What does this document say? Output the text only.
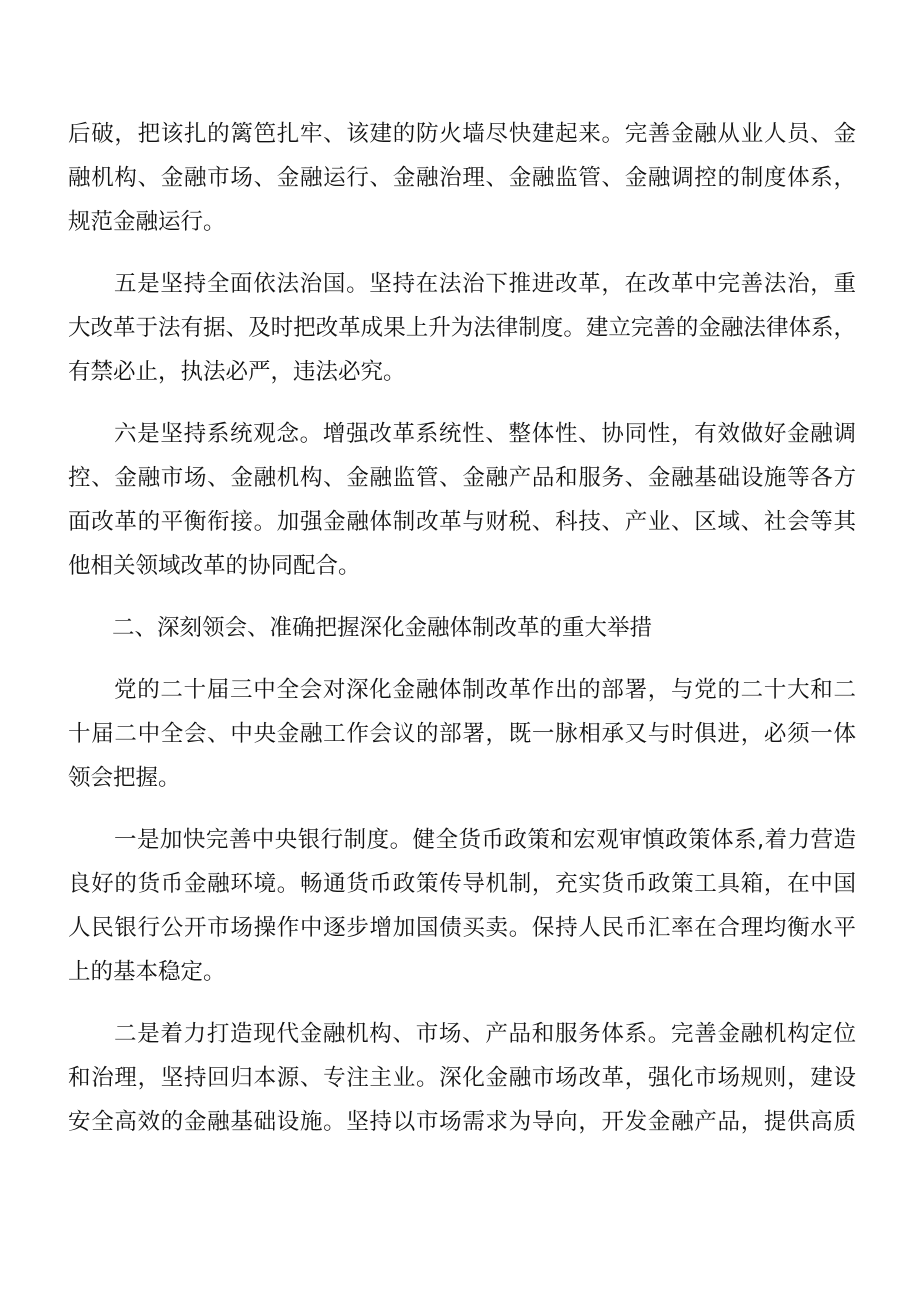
后破，把该扎的篱笆扎牢、该建的防火墙尽快建起来。完善金融从业人员、金
融机构、金融市场、金融运行、金融治理、金融监管、金融调控的制度体系，
规范金融运行。
五是坚持全面依法治国。坚持在法治下推进改革，在改革中完善法治，重
大改革于法有据、及时把改革成果上升为法律制度。建立完善的金融法律体系，
有禁必止，执法必严，违法必究。
六是坚持系统观念。增强改革系统性、整体性、协同性，有效做好金融调
控、金融市场、金融机构、金融监管、金融产品和服务、金融基础设施等各方
面改革的平衡衔接。加强金融体制改革与财税、科技、产业、区域、社会等其
他相关领域改革的协同配合。
二、深刻领会、准确把握深化金融体制改革的重大举措
党的二十届三中全会对深化金融体制改革作出的部署，与党的二十大和二
十届二中全会、中央金融工作会议的部署，既一脉相承又与时俱进，必须一体
领会把握。
一是加快完善中央银行制度。健全货币政策和宏观审慎政策体系,着力营造
良好的货币金融环境。畅通货币政策传导机制，充实货币政策工具箱，在中国
人民银行公开市场操作中逐步增加国债买卖。保持人民币汇率在合理均衡水平
上的基本稳定。
二是着力打造现代金融机构、市场、产品和服务体系。完善金融机构定位
和治理，坚持回归本源、专注主业。深化金融市场改革，强化市场规则，建设
安全高效的金融基础设施。坚持以市场需求为导向，开发金融产品，提供高质
